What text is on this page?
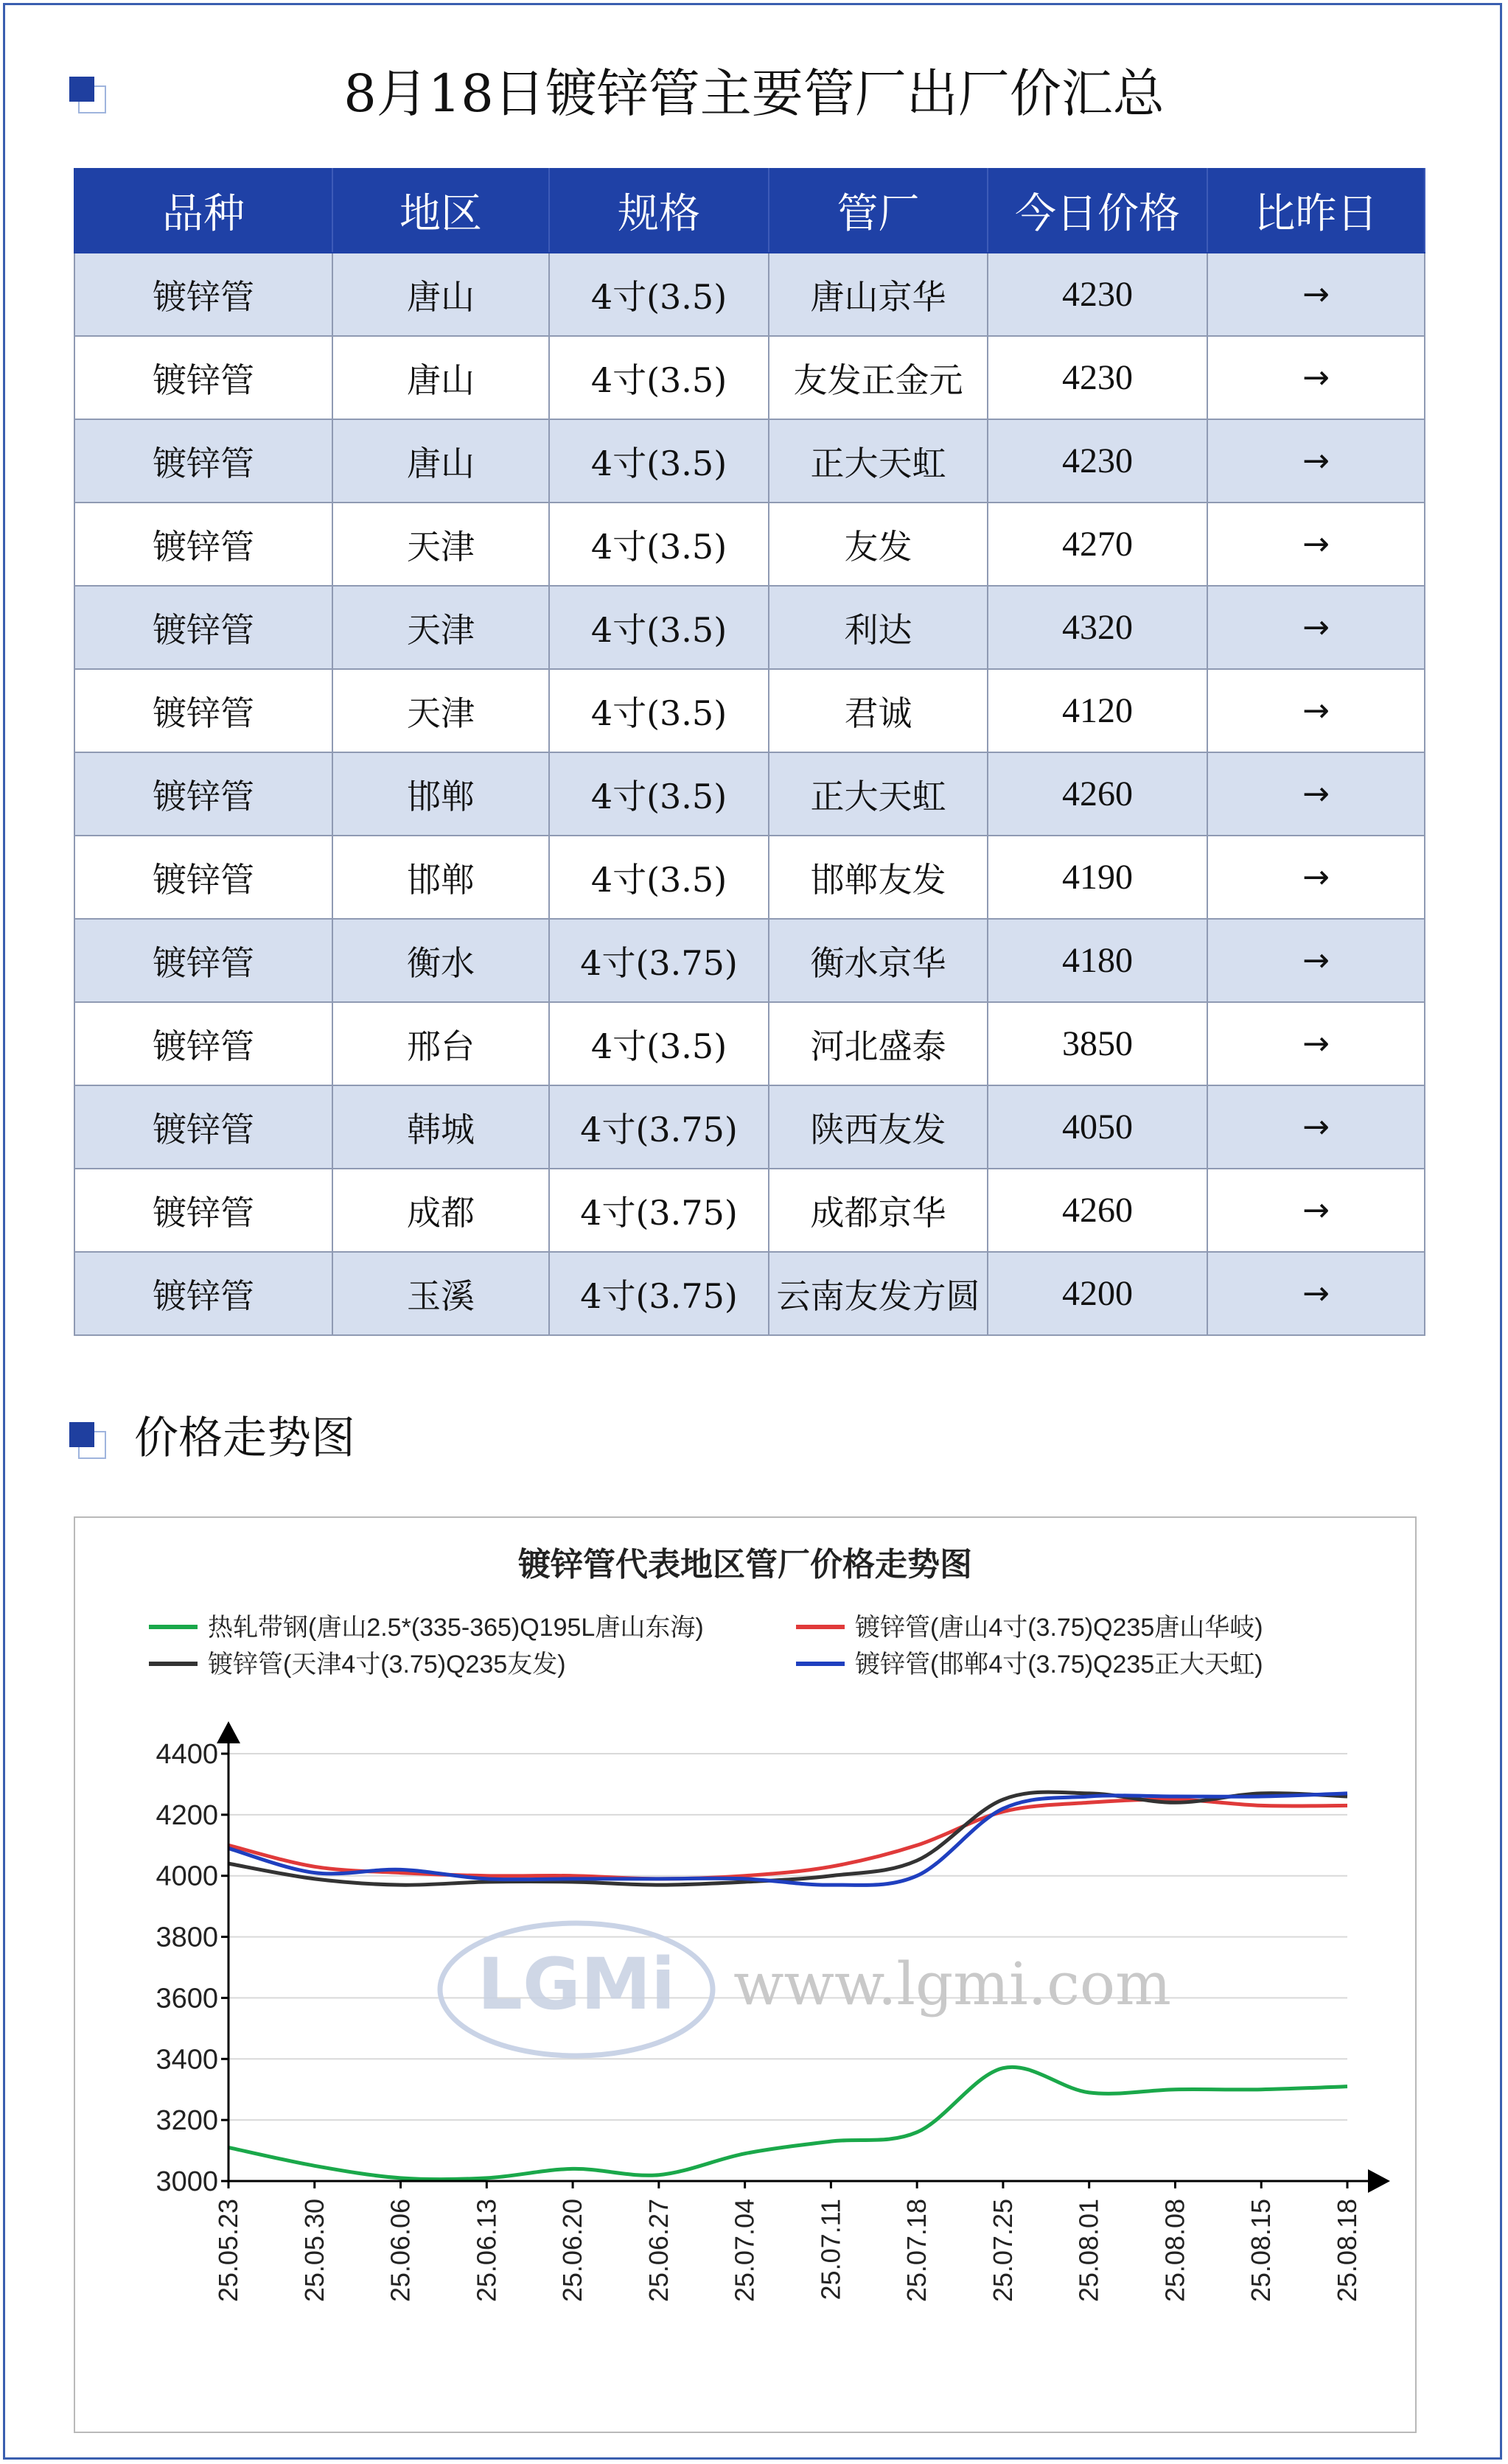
8月18日镀锌管主要管厂出厂价汇总
品种	地区	规格	管厂	今日价格	比昨日
镀锌管	唐山	4寸(3.5)	唐山京华	4230	→
镀锌管	唐山	4寸(3.5)	友发正金元	4230	→
镀锌管	唐山	4寸(3.5)	正大天虹	4230	→
镀锌管	天津	4寸(3.5)	友发	4270	→
镀锌管	天津	4寸(3.5)	利达	4320	→
镀锌管	天津	4寸(3.5)	君诚	4120	→
镀锌管	邯郸	4寸(3.5)	正大天虹	4260	→
镀锌管	邯郸	4寸(3.5)	邯郸友发	4190	→
镀锌管	衡水	4寸(3.75)	衡水京华	4180	→
镀锌管	邢台	4寸(3.5)	河北盛泰	3850	→
镀锌管	韩城	4寸(3.75)	陕西友发	4050	→
镀锌管	成都	4寸(3.75)	成都京华	4260	→
镀锌管	玉溪	4寸(3.75)	云南友发方圆	4200	→
价格走势图
镀锌管代表地区管厂价格走势图
热轧带钢(唐山2.5*(335-365)Q195L唐山东海)	镀锌管(唐山4寸(3.75)Q235唐山华岐)
镀锌管(天津4寸(3.75)Q235友发)	镀锌管(邯郸4寸(3.75)Q235正大天虹)
3000
3200
3400
3600
3800
4000
4200
4400
LGMi www.lgmi.com
25.05.23 25.05.30 25.06.06 25.06.13 25.06.20 25.06.27 25.07.04 25.07.11 25.07.18 25.07.25 25.08.01 25.08.08 25.08.15 25.08.18
